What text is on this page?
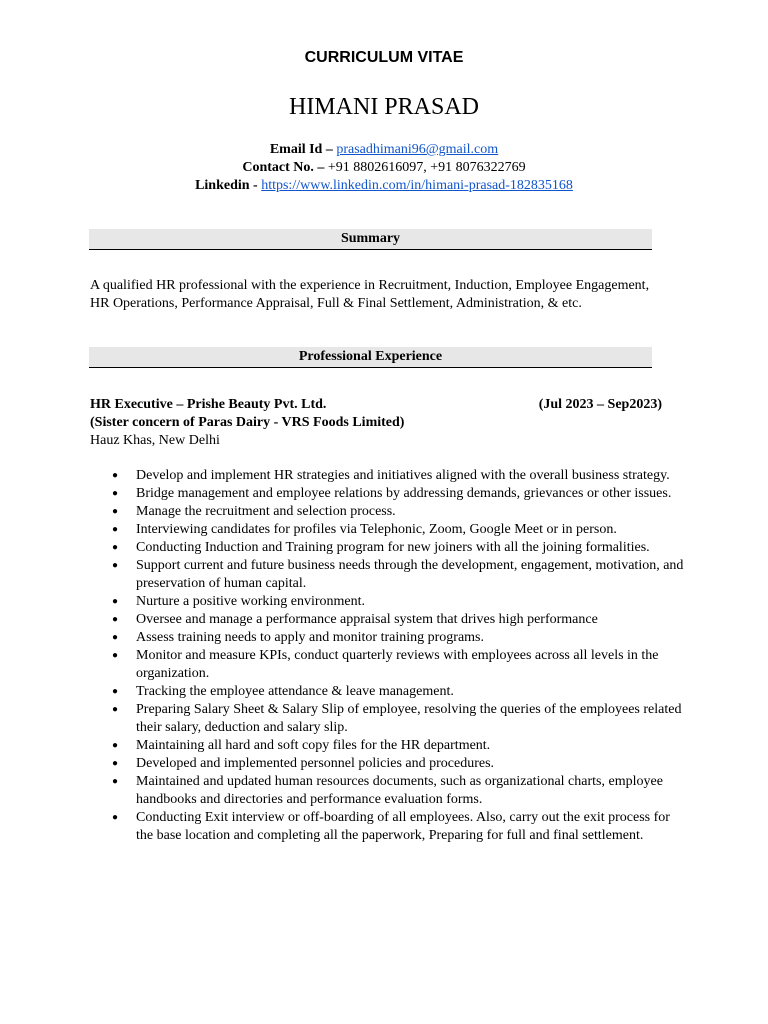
CURRICULUM VITAE
HIMANI PRASAD
Email Id – prasadhimani96@gmail.com
Contact No. – +91 8802616097, +91 8076322769
Linkedin - https://www.linkedin.com/in/himani-prasad-182835168
Summary
A qualified HR professional with the experience in Recruitment, Induction, Employee Engagement, HR Operations, Performance Appraisal, Full & Final Settlement, Administration, & etc.
Professional Experience
HR Executive – Prishe Beauty Pvt. Ltd.	(Jul 2023 – Sep2023)
(Sister concern of Paras Dairy - VRS Foods Limited)
Hauz Khas, New Delhi
● Develop and implement HR strategies and initiatives aligned with the overall business strategy.
● Bridge management and employee relations by addressing demands, grievances or other issues.
● Manage the recruitment and selection process.
● Interviewing candidates for profiles via Telephonic, Zoom, Google Meet or in person.
● Conducting Induction and Training program for new joiners with all the joining formalities.
● Support current and future business needs through the development, engagement, motivation, and preservation of human capital.
● Nurture a positive working environment.
● Oversee and manage a performance appraisal system that drives high performance
● Assess training needs to apply and monitor training programs.
● Monitor and measure KPIs, conduct quarterly reviews with employees across all levels in the organization.
● Tracking the employee attendance & leave management.
● Preparing Salary Sheet & Salary Slip of employee, resolving the queries of the employees related their salary, deduction and salary slip.
● Maintaining all hard and soft copy files for the HR department.
● Developed and implemented personnel policies and procedures.
● Maintained and updated human resources documents, such as organizational charts, employee handbooks and directories and performance evaluation forms.
● Conducting Exit interview or off-boarding of all employees. Also, carry out the exit process for the base location and completing all the paperwork, Preparing for full and final settlement.
